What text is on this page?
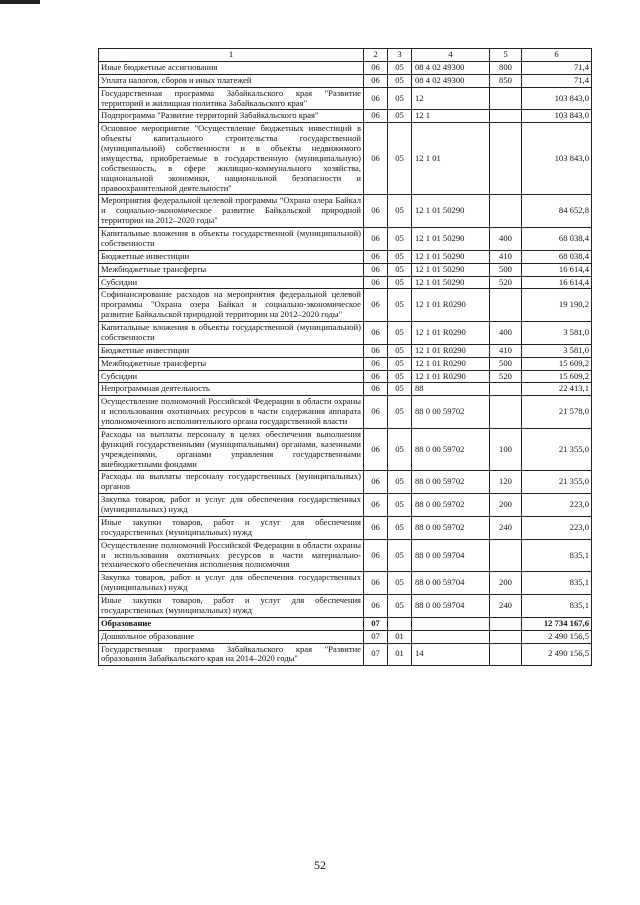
1	2	3	4	5	6
Иные бюджетные ассигнования	06	05	08 4 02 49300	800	71,4
Уплата налогов, сборов и иных платежей	06	05	08 4 02 49300	850	71,4
Государственная программа Забайкальского края "Развитие территорий и жилищная политика Забайкальского края"	06	05	12		103 843,0
Подпрограмма "Развитие территорий Забайкальского края"	06	05	12 1		103 843,0
Основное мероприятие "Осуществление бюджетных инвестиций в объекты капитального строительства государственной (муниципальной) собственности и в объекты недвижимого имущества, приобретаемые в государственную (муниципальную) собственность, в сфере жилищно-коммунального хозяйства, национальной экономики, национальной безопасности и правоохранительной деятельности"	06	05	12 1 01		103 843,0
Мероприятия федеральной целевой программы "Охрана озера Байкал и социально-экономическое развитие Байкальской природной территории на 2012–2020 годы"	06	05	12 1 01 50290		84 652,8
Капитальные вложения в объекты государственной (муниципальной) собственности	06	05	12 1 01 50290	400	68 038,4
Бюджетные инвестиции	06	05	12 1 01 50290	410	68 038,4
Межбюджетные трансферты	06	05	12 1 01 50290	500	16 614,4
Субсидии	06	05	12 1 01 50290	520	16 614,4
Софинансирование расходов на мероприятия федеральной целевой программы "Охрана озера Байкал и социально-экономическое развитие Байкальской природной территории на 2012–2020 годы"	06	05	12 1 01 R0290		19 190,2
Капитальные вложения в объекты государственной (муниципальной) собственности	06	05	12 1 01 R0290	400	3 581,0
Бюджетные инвестиции	06	05	12 1 01 R0290	410	3 581,0
Межбюджетные трансферты	06	05	12 1 01 R0290	500	15 609,2
Субсидии	06	05	12 1 01 R0290	520	15 609,2
Непрограммная деятельность	06	05	88		22 413,1
Осуществление полномочий Российской Федерации в области охраны и использования охотничьих ресурсов в части содержания аппарата уполномоченного исполнительного органа государственной власти	06	05	88 0 00 59702		21 578,0
Расходы на выплаты персоналу в целях обеспечения выполнения функций государственными (муниципальными) органами, казенными учреждениями, органами управления государственными внебюджетными фондами	06	05	88 0 00 59702	100	21 355,0
Расходы на выплаты персоналу государственных (муниципальных) органов	06	05	88 0 00 59702	120	21 355,0
Закупка товаров, работ и услуг для обеспечения государственных (муниципальных) нужд	06	05	88 0 00 59702	200	223,0
Иные закупки товаров, работ и услуг для обеспечения государственных (муниципальных) нужд	06	05	88 0 00 59702	240	223,0
Осуществление полномочий Российской Федерации в области охраны и использования охотничьих ресурсов в части материально-технического обеспечения исполнения полномочия	06	05	88 0 00 59704		835,1
Закупка товаров, работ и услуг для обеспечения государственных (муниципальных) нужд	06	05	88 0 00 59704	200	835,1
Иные закупки товаров, работ и услуг для обеспечения государственных (муниципальных) нужд	06	05	88 0 00 59704	240	835,1
Образование	07				12 734 167,6
Дошкольное образование	07	01			2 490 156,5
Государственная программа Забайкальского края "Развитие образования Забайкальского края на 2014–2020 годы"	07	01	14		2 490 156,5
52
